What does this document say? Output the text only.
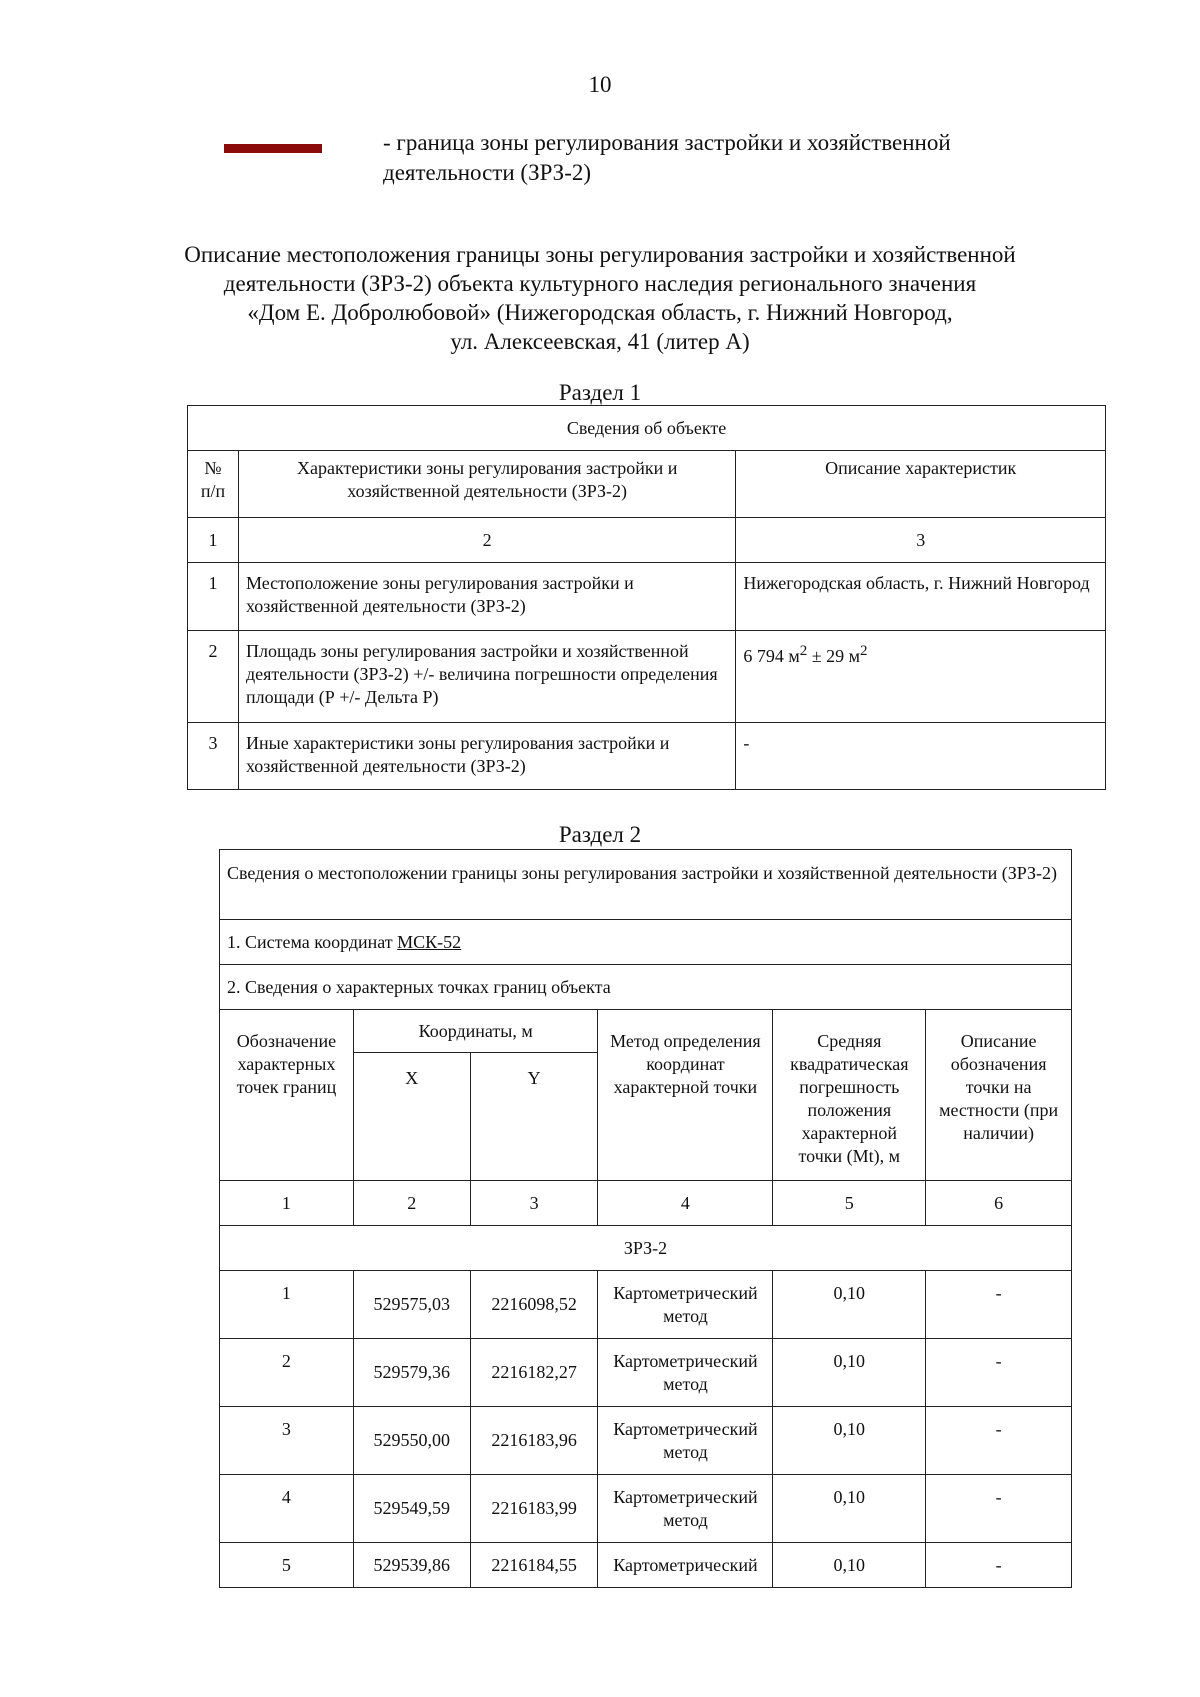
10
- граница зоны регулирования застройки и хозяйственной деятельности (ЗРЗ-2)
Описание местоположения границы зоны регулирования застройки и хозяйственной
деятельности (ЗРЗ-2) объекта культурного наследия регионального значения
«Дом Е. Добролюбовой» (Нижегородская область, г. Нижний Новгород,
ул. Алексеевская, 41 (литер А)
Раздел 1
Сведения об объекте		

№
п/п	Характеристики зоны регулирования застройки и хозяйственной деятельности (ЗРЗ-2)	Описание характеристик
1	2	3
1	Местоположение зоны регулирования застройки и хозяйственной деятельности (ЗРЗ-2)	Нижегородская область, г. Нижний Новгород
2	Площадь зоны регулирования застройки и хозяйственной деятельности (ЗРЗ-2) +/- величина погрешности определения площади (Р +/- Дельта Р)	6 794 $м^2 \pm 29$ $м^2$
3	Иные характеристики зоны регулирования застройки и хозяйственной деятельности (ЗРЗ-2)	-
Раздел 2
Сведения о местоположении границы зоны регулирования застройки и хозяйственной деятельности (ЗРЗ-2)					
1. Система координат МСК-52					
2. Сведения о характерных точках границ объекта					
Обозначение характерных точек границ	Координаты, м		Метод определения координат характерной точки	Средняя квадратическая погрешность положения характерной точки (Mt), м	Описание обозначения точки на местности (при наличии)
	X	Y			
1	2	3	4	5	6
ЗРЗ-2					
1	529575,03	2216098,52	Картометрический метод	0,10	-
2	529579,36	2216182,27	Картометрический метод	0,10	-
3	529550,00	2216183,96	Картометрический метод	0,10	-
4	529549,59	2216183,99	Картометрический метод	0,10	-
5	529539,86	2216184,55	Картометрический	0,10	-
